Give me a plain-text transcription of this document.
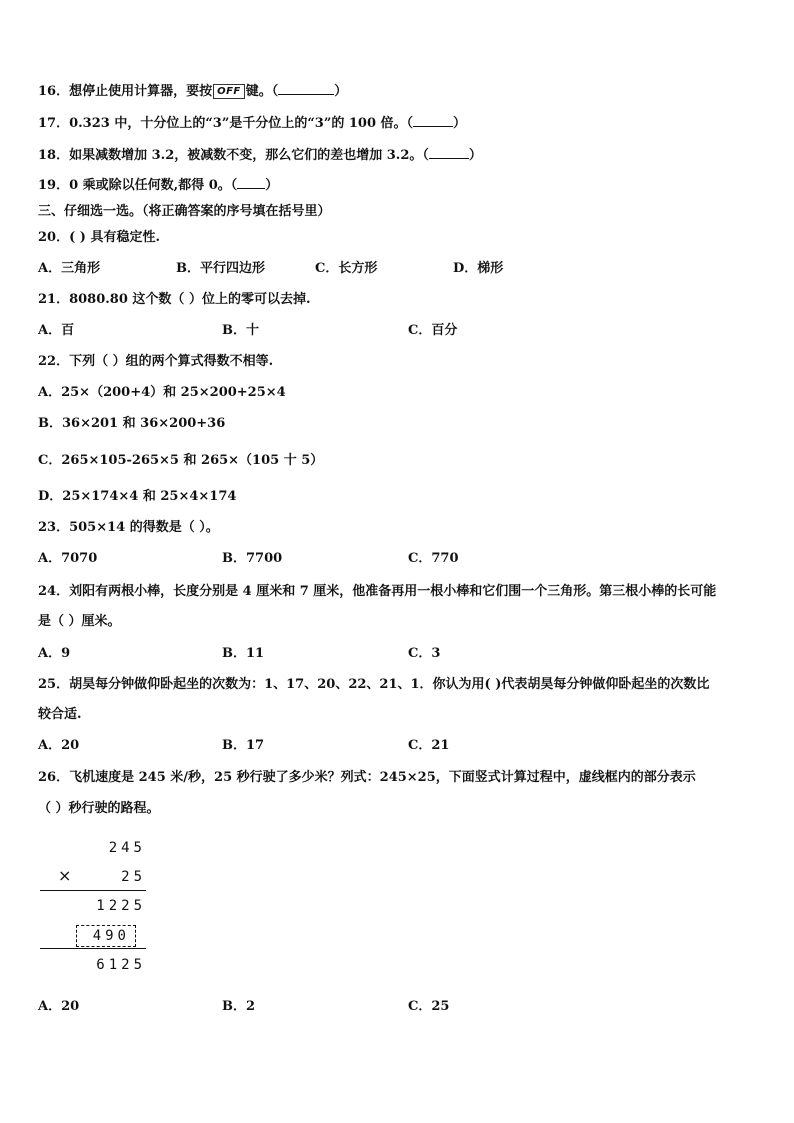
16．想停止使用计算器，要按 OFF 键。（	）
17．0.323 中，十分位上的“3”是千分位上的“3”的 100 倍。（	）
18．如果减数增加 3.2，被减数不变，那么它们的差也增加 3.2。（	）
19．0 乘或除以任何数,都得 0。（ ）
三、仔细选一选。（将正确答案的序号填在括号里）
20．( ) 具有稳定性.
A．三角形	B．平行四边形	C．长方形	D．梯形
21．8080.80 这个数（ ）位上的零可以去掉.
A．百	B．十	C．百分
22．下列（ ）组的两个算式得数不相等.
A．25×（200+4）和 25×200+25×4
B．36×201 和 36×200+36
C．265×105-265×5 和 265×（105 十 5）
D．25×174×4 和 25×4×174
23．505×14 的得数是（ ）。
A．7070	B．7700	C．770
24．刘阳有两根小棒，长度分别是 4 厘米和 7 厘米，他准备再用一根小棒和它们围一个三角形。第三根小棒的长可能
是（ ）厘米。
A．9	B．11	C．3
25．胡昊每分钟做仰卧起坐的次数为：1、17、20、22、21、1．你认为用( )代表胡昊每分钟做仰卧起坐的次数比
较合适.
A．20	B．17	C．21
26．飞机速度是 245 米/秒，25 秒行驶了多少米？列式：245×25，下面竖式计算过程中，虚线框内的部分表示
（ ）秒行驶的路程。
245
×	25
1225
490
6125
A．20	B．2	C．25
